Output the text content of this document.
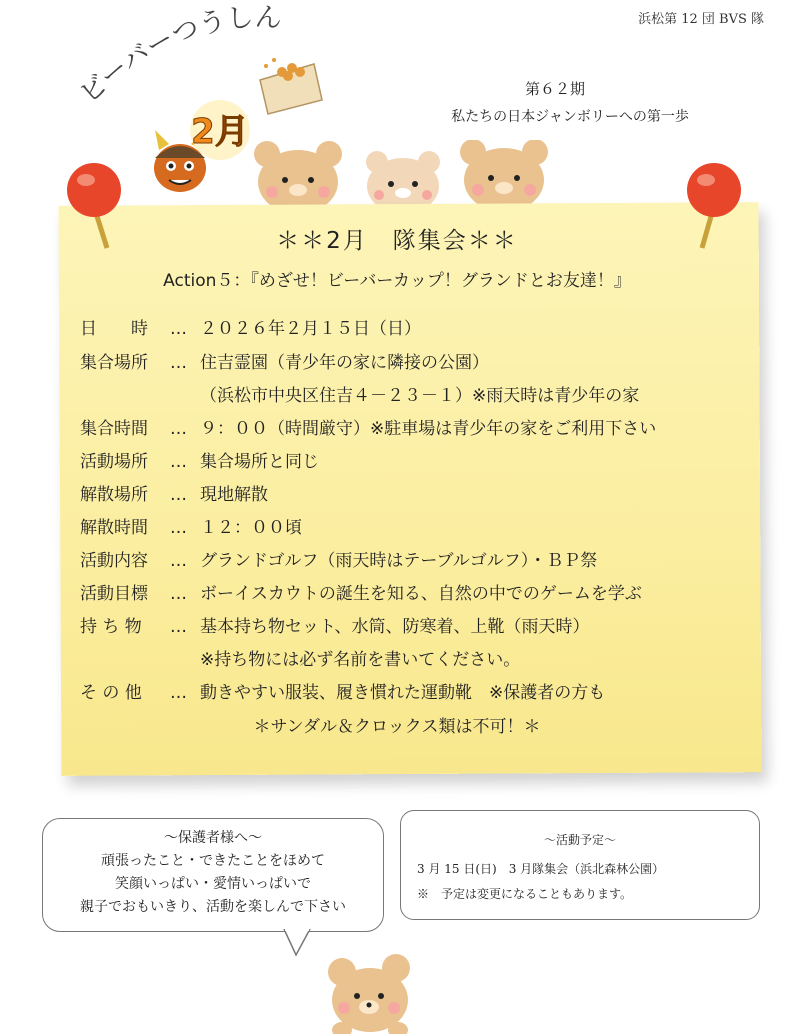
浜松第 12 団 BVS 隊
ビーバーつうしん
2月
第６２期
私たちの日本ジャンボリーへの第一歩
＊＊2月　隊集会＊＊
Action５：『めざせ！ビーバーカップ！グランドとお友達！』
日　　時 … ２０２６年２月１５日（日）
集合場所 … 住吉霊園（青少年の家に隣接の公園）
（浜松市中央区住吉４－２３－１）※雨天時は青少年の家
集合時間 … ９：００（時間厳守）※駐車場は青少年の家をご利用下さい
活動場所 … 集合場所と同じ
解散場所 … 現地解散
解散時間 … １２：００頃
活動内容 … グランドゴルフ（雨天時はテーブルゴルフ）・ＢＰ祭
活動目標 … ボーイスカウトの誕生を知る、自然の中でのゲームを学ぶ
持 ち 物 … 基本持ち物セット、水筒、防寒着、上靴（雨天時）
※持ち物には必ず名前を書いてください。
そ の 他 … 動きやすい服装、履き慣れた運動靴　※保護者の方も
＊サンダル＆クロックス類は不可！＊
～保護者様へ～
頑張ったこと・できたことをほめて
笑顔いっぱい・愛情いっぱいで
親子でおもいきり、活動を楽しんで下さい
～活動予定～
3 月 15 日(日)　3 月隊集会（浜北森林公園）
※　予定は変更になることもあります。
